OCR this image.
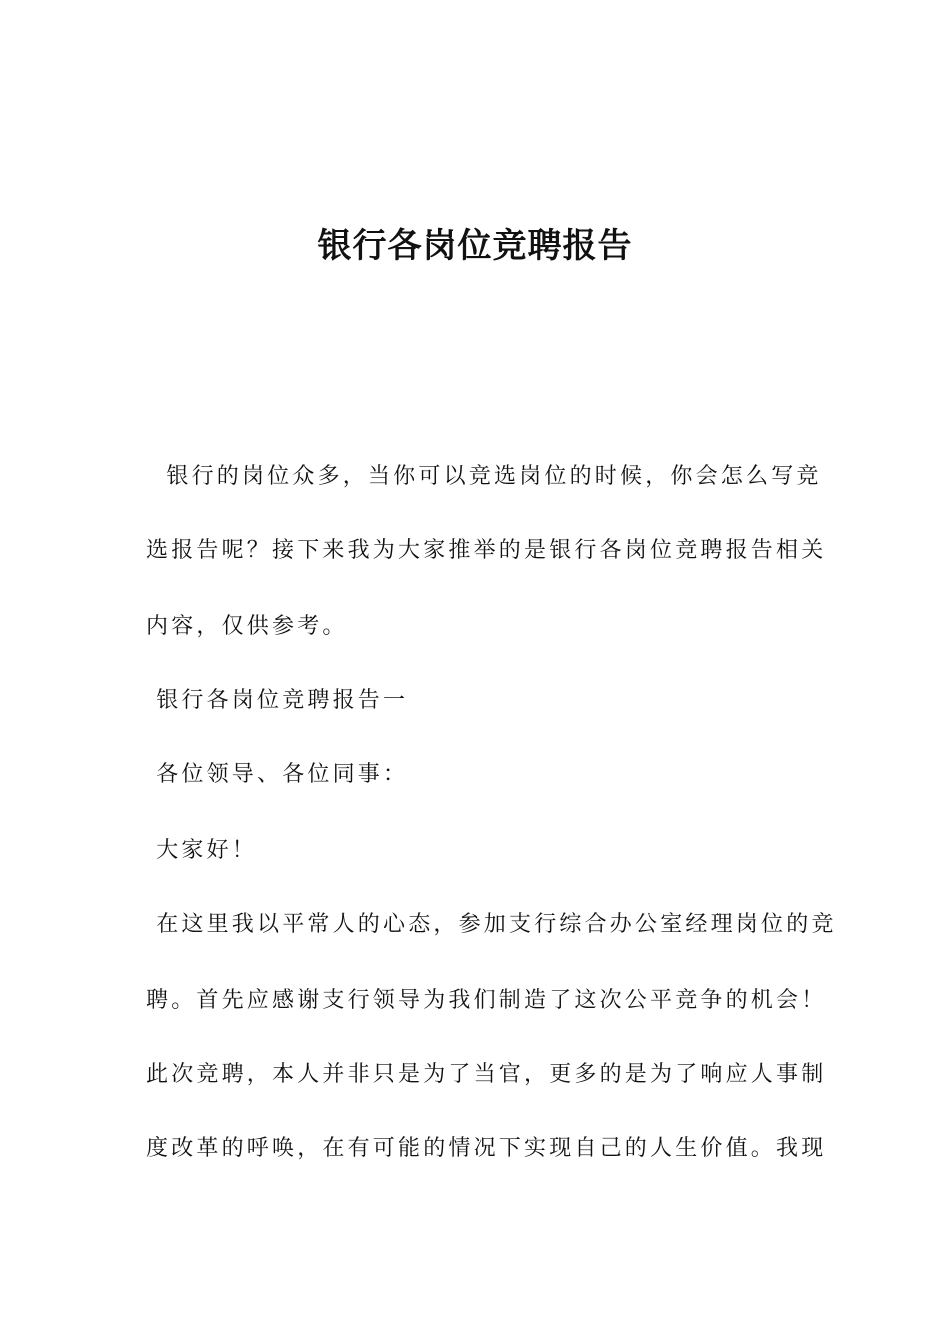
银行各岗位竞聘报告
银行的岗位众多，当你可以竞选岗位的时候，你会怎么写竞
选报告呢？接下来我为大家推举的是银行各岗位竞聘报告相关
内容，仅供参考。
银行各岗位竞聘报告一
各位领导、各位同事：
大家好！
在这里我以平常人的心态，参加支行综合办公室经理岗位的竞
聘。首先应感谢支行领导为我们制造了这次公平竞争的机会！
此次竞聘，本人并非只是为了当官，更多的是为了响应人事制
度改革的呼唤，在有可能的情况下实现自己的人生价值。我现
